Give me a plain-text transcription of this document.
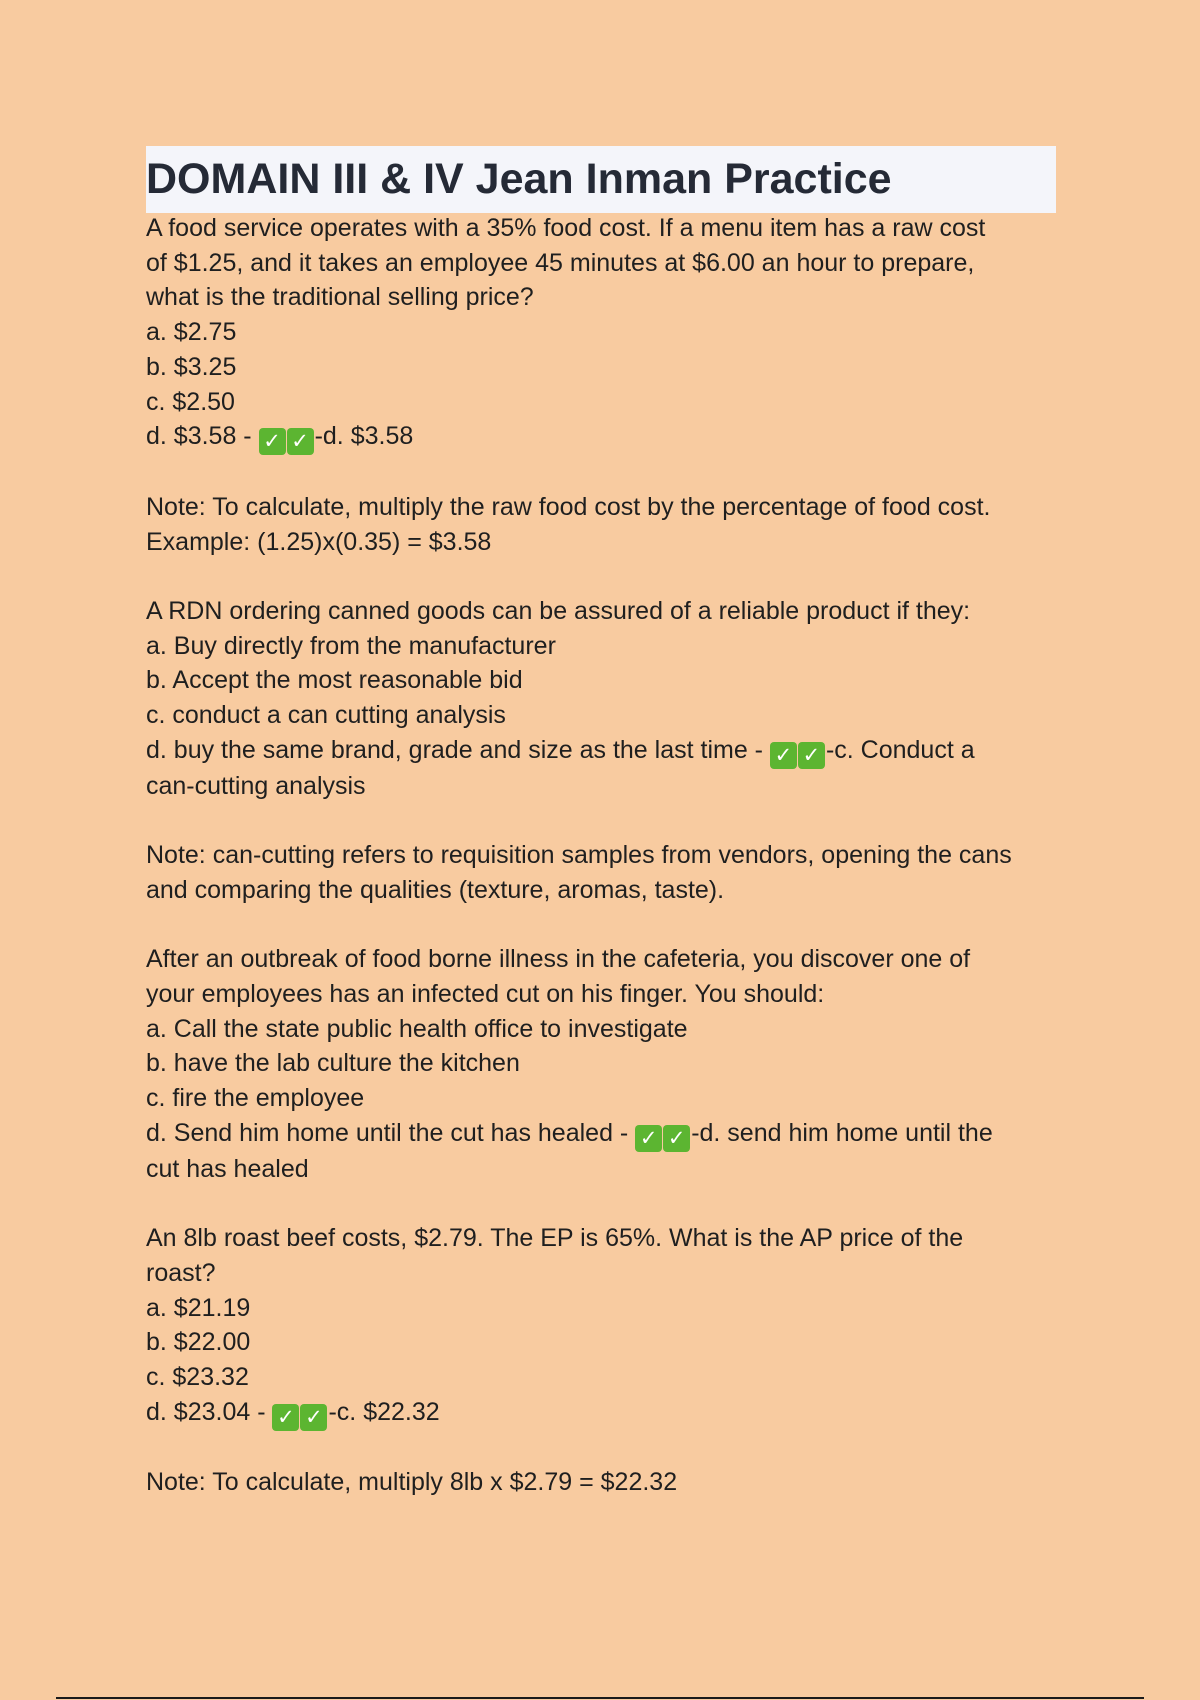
DOMAIN III & IV Jean Inman Practice

A food service operates with a 35% food cost. If a menu item has a raw cost

of $1.25, and it takes an employee 45 minutes at $6.00 an hour to prepare,

what is the traditional selling price?

a. $2.75

b. $3.25

c. $2.50

d. $3.58 - ✓ ✓ -d. $3.58

Note: To calculate, multiply the raw food cost by the percentage of food cost.

Example: (1.25)x(0.35) = $3.58

A RDN ordering canned goods can be assured of a reliable product if they:

a. Buy directly from the manufacturer

b. Accept the most reasonable bid

c. conduct a can cutting analysis

d. buy the same brand, grade and size as the last time - ✓ ✓ -c. Conduct a

can-cutting analysis

Note: can-cutting refers to requisition samples from vendors, opening the cans

and comparing the qualities (texture, aromas, taste).

After an outbreak of food borne illness in the cafeteria, you discover one of

your employees has an infected cut on his finger. You should:

a. Call the state public health office to investigate

b. have the lab culture the kitchen

c. fire the employee

d. Send him home until the cut has healed - ✓ ✓ -d. send him home until the

cut has healed

An 8lb roast beef costs, $2.79. The EP is 65%. What is the AP price of the

roast?

a. $21.19

b. $22.00

c. $23.32

d. $23.04 - ✓ ✓ -c. $22.32

Note: To calculate, multiply 8lb x $2.79 = $22.32
